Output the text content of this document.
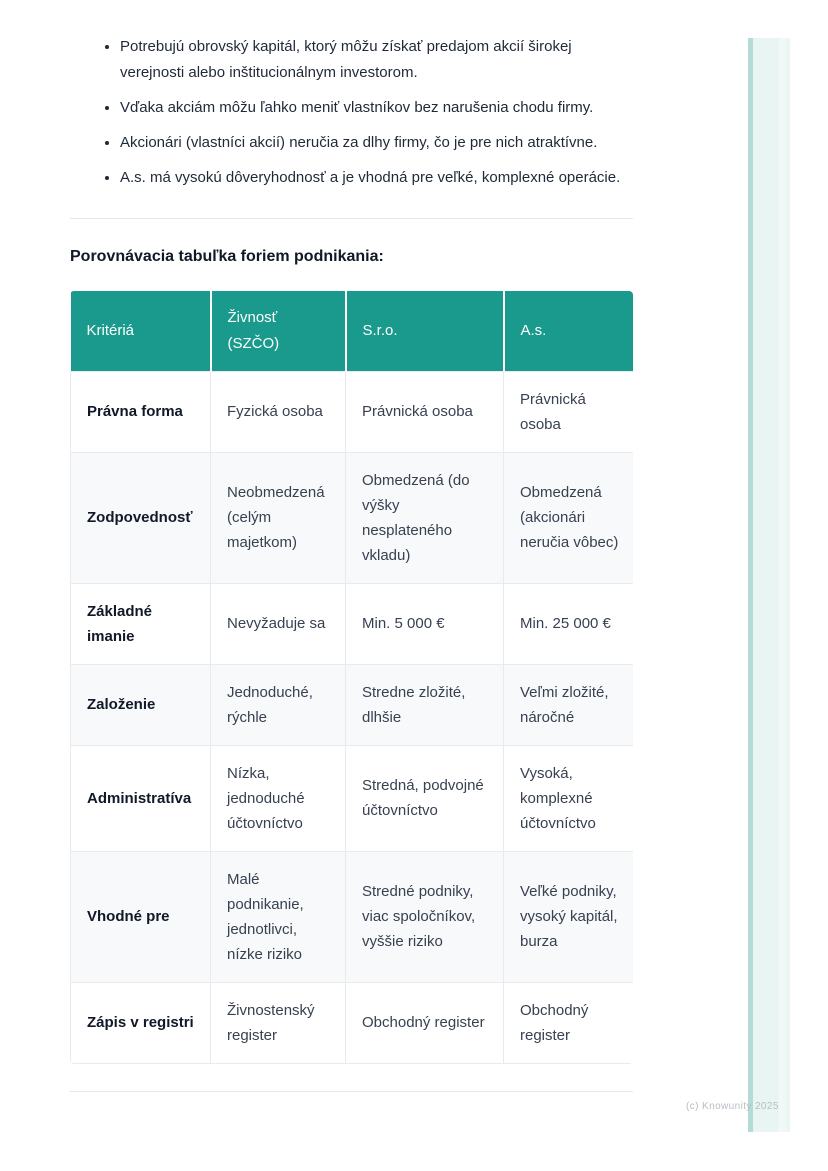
• Potrebujú obrovský kapitál, ktorý môžu získať predajom akcií širokej verejnosti alebo inštitucionálnym investorom.
• Vďaka akciám môžu ľahko meniť vlastníkov bez narušenia chodu firmy.
• Akcionári (vlastníci akcií) neručia za dlhy firmy, čo je pre nich atraktívne.
• A.s. má vysokú dôveryhodnosť a je vhodná pre veľké, komplexné operácie.
Porovnávacia tabuľka foriem podnikania:
Kritériá	Živnosť (SZČO)	S.r.o.	A.s.
Právna forma	Fyzická osoba	Právnická osoba	Právnická osoba
Zodpovednosť	Neobmedzená (celým majetkom)	Obmedzená (do výšky nesplateného vkladu)	Obmedzená (akcionári neručia vôbec)
Základné imanie	Nevyžaduje sa	Min. 5 000 €	Min. 25 000 €
Založenie	Jednoduché, rýchle	Stredne zložité, dlhšie	Veľmi zložité, náročné
Administratíva	Nízka, jednoduché účtovníctvo	Stredná, podvojné účtovníctvo	Vysoká, komplexné účtovníctvo
Vhodné pre	Malé podnikanie, jednotlivci, nízke riziko	Stredné podniky, viac spoločníkov, vyššie riziko	Veľké podniky, vysoký kapitál, burza
Zápis v registri	Živnostenský register	Obchodný register	Obchodný register
(c) Knowunity 2025
